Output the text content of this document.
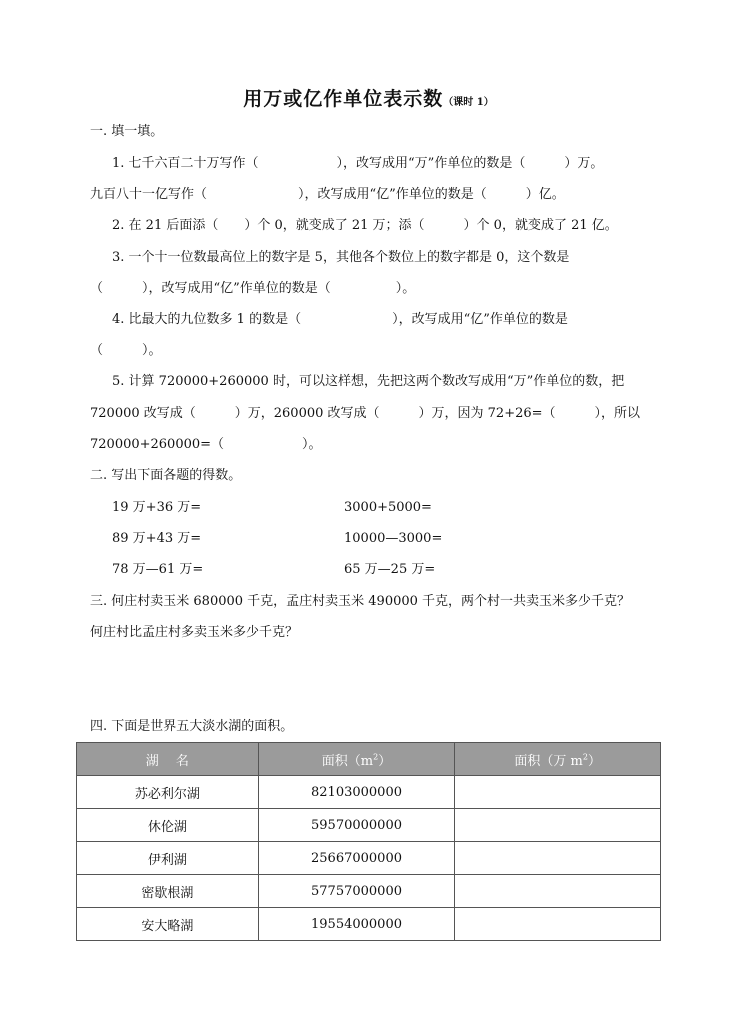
用万或亿作单位表示数（课时 1）
一. 填一填。
1. 七千六百二十万写作（　　　　　　），改写成用“万”作单位的数是（　　　）万。
九百八十一亿写作（　　　　　　　），改写成用“亿”作单位的数是（　　　）亿。
2. 在 21 后面添（　　）个 0，就变成了 21 万；添（　　　）个 0，就变成了 21 亿。
3. 一个十一位数最高位上的数字是 5，其他各个数位上的数字都是 0，这个数是
（　　　），改写成用“亿”作单位的数是（　　　　　）。
4. 比最大的九位数多 1 的数是（　　　　　　　），改写成用“亿”作单位的数是
（　　　）。
5. 计算 720000+260000 时，可以这样想，先把这两个数改写成用“万”作单位的数，把
720000 改写成（　　　）万，260000 改写成（　　　）万，因为 72+26=（　　　），所以
720000+260000=（　　　　　　）。
二. 写出下面各题的得数。
19 万+36 万=	3000+5000=
89 万+43 万=	10000—3000=
78 万—61 万=	65 万—25 万=
三. 何庄村卖玉米 680000 千克，孟庄村卖玉米 490000 千克，两个村一共卖玉米多少千克？
何庄村比孟庄村多卖玉米多少千克？
四. 下面是世界五大淡水湖的面积。
湖　 名	面积$(m^2)$	面积（万 $m^2$）
苏必利尔湖	82103000000	
休伦湖	59570000000	
伊利湖	25667000000	
密歇根湖	57757000000	
安大略湖	19554000000	
